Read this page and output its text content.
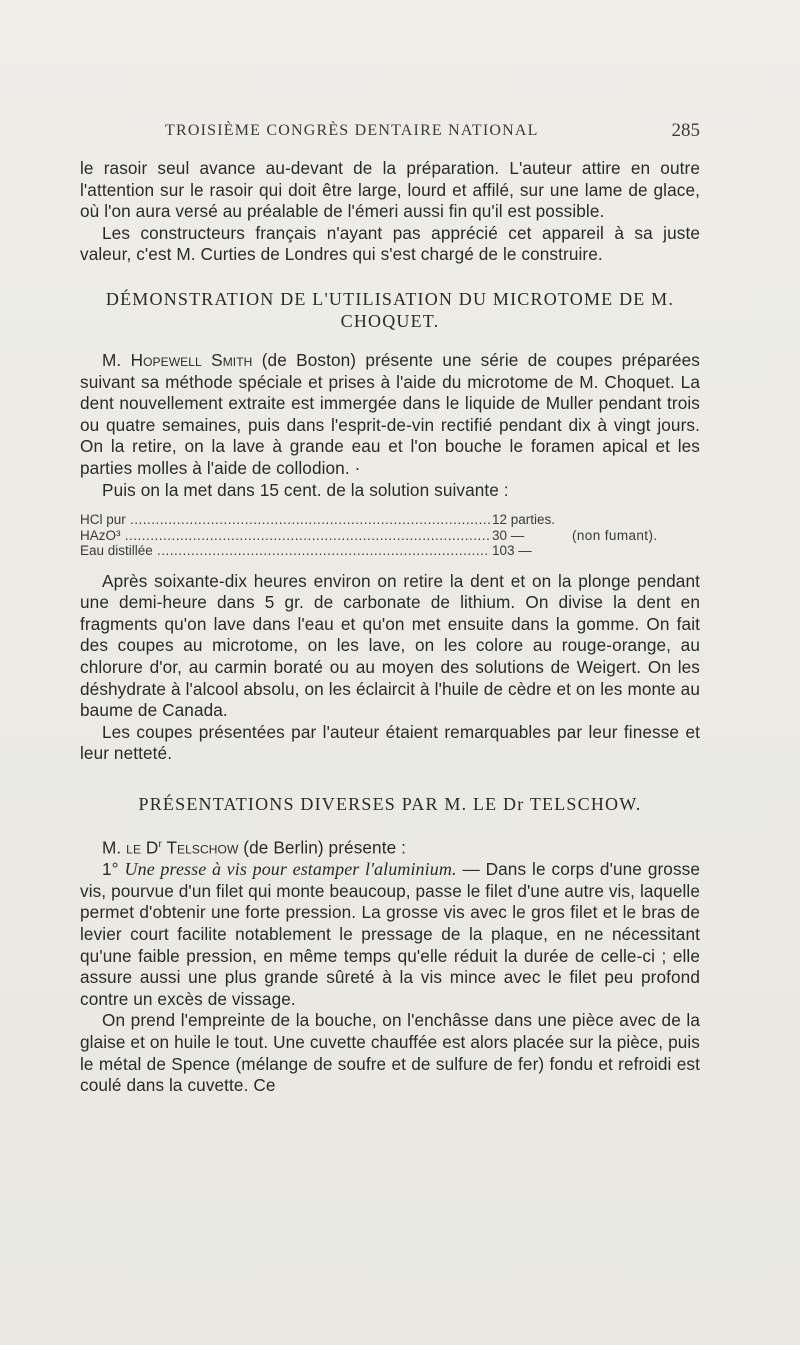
TROISIÈME CONGRÈS DENTAIRE NATIONAL	285

le rasoir seul avance au-devant de la préparation. L'auteur attire en outre l'attention sur le rasoir qui doit être large, lourd et affilé, sur une lame de glace, où l'on aura versé au préalable de l'émeri aussi fin qu'il est possible.

Les constructeurs français n'ayant pas apprécié cet appareil à sa juste valeur, c'est M. Curties de Londres qui s'est chargé de le construire.

DÉMONSTRATION DE L'UTILISATION DU MICROTOME DE M. CHOQUET.

M. Hopewell Smith (de Boston) présente une série de coupes préparées suivant sa méthode spéciale et prises à l'aide du microtome de M. Choquet. La dent nouvellement extraite est immergée dans le liquide de Muller pendant trois ou quatre semaines, puis dans l'esprit-de-vin rectifié pendant dix à vingt jours. On la retire, on la lave à grande eau et l'on bouche le foramen apical et les parties molles à l'aide de collodion. ·

Puis on la met dans 15 cent. de la solution suivante :

HCl pur .....	12 parties.
HAzO³ .....	30 —	(non fumant).
Eau distillée .....	103 —

Après soixante-dix heures environ on retire la dent et on la plonge pendant une demi-heure dans 5 gr. de carbonate de lithium. On divise la dent en fragments qu'on lave dans l'eau et qu'on met ensuite dans la gomme. On fait des coupes au microtome, on les lave, on les colore au rouge-orange, au chlorure d'or, au carmin boraté ou au moyen des solutions de Weigert. On les déshydrate à l'alcool absolu, on les éclaircit à l'huile de cèdre et on les monte au baume de Canada.

Les coupes présentées par l'auteur étaient remarquables par leur finesse et leur netteté.

PRÉSENTATIONS DIVERSES PAR M. LE Dr TELSCHOW.

M. le $D^r$ Telschow (de Berlin) présente :

1° Une presse à vis pour estamper l'aluminium. — Dans le corps d'une grosse vis, pourvue d'un filet qui monte beaucoup, passe le filet d'une autre vis, laquelle permet d'obtenir une forte pression. La grosse vis avec le gros filet et le bras de levier court facilite notablement le pressage de la plaque, en ne nécessitant qu'une faible pression, en même temps qu'elle réduit la durée de celle-ci ; elle assure aussi une plus grande sûreté à la vis mince avec le filet peu profond contre un excès de vissage.

On prend l'empreinte de la bouche, on l'enchâsse dans une pièce avec de la glaise et on huile le tout. Une cuvette chauffée est alors placée sur la pièce, puis le métal de Spence (mélange de soufre et de sulfure de fer) fondu et refroidi est coulé dans la cuvette. Ce
